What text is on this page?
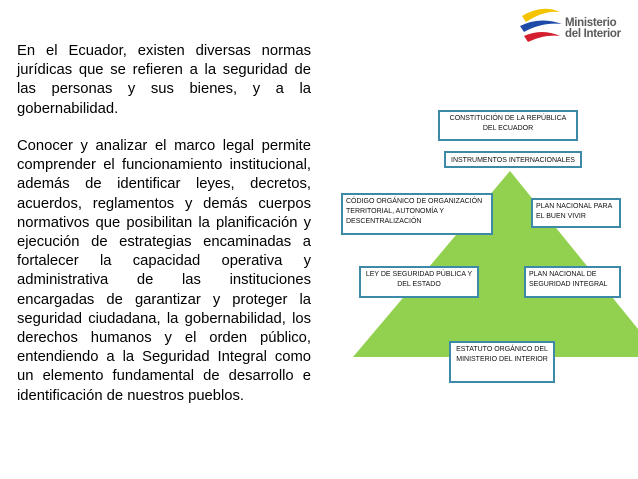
Ministerio
del Interior

En el Ecuador, existen diversas normas jurídicas que se refieren a la seguridad de las personas y sus bienes, y a la gobernabilidad.

Conocer y analizar el marco legal permite comprender el funcionamiento institucional, además de identificar leyes, decretos, acuerdos, reglamentos y demás cuerpos normativos que posibilitan la planificación y ejecución de estrategias encaminadas a fortalecer la capacidad operativa y administrativa de las instituciones encargadas de garantizar y proteger la seguridad ciudadana, la gobernabilidad, los derechos humanos y el orden público, entendiendo a la Seguridad Integral como un elemento fundamental de desarrollo e identificación de nuestros pueblos.

CONSTITUCIÓN DE LA REPÚBLICA DEL ECUADOR
INSTRUMENTOS INTERNACIONALES
CÓDIGO ORGÁNICO DE ORGANIZACIÓN TERRITORIAL, AUTONOMÍA Y DESCENTRALIZACIÓN
PLAN NACIONAL PARA EL BUEN VIVIR
LEY DE SEGURIDAD PÚBLICA Y DEL ESTADO
PLAN NACIONAL DE SEGURIDAD INTEGRAL
ESTATUTO ORGÁNICO DEL MINISTERIO DEL INTERIOR
